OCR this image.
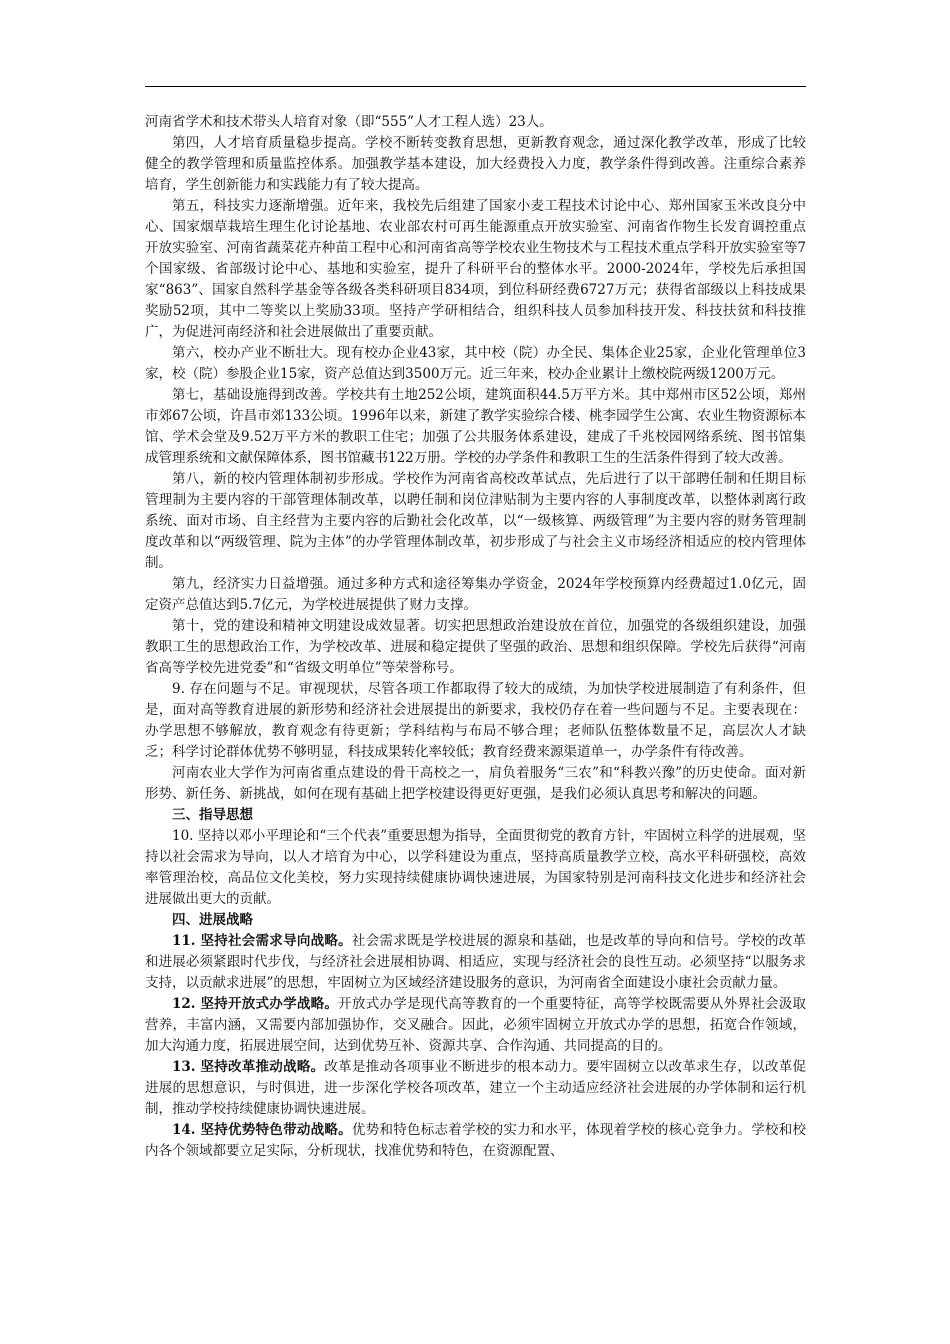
河南省学术和技术带头人培育对象（即“555”人才工程人选）23人。

第四，人才培育质量稳步提高。学校不断转变教育思想，更新教育观念，通过深化教学改革，形成了比较健全的教学管理和质量监控体系。加强教学基本建设，加大经费投入力度，教学条件得到改善。注重综合素养培育，学生创新能力和实践能力有了较大提高。

第五，科技实力逐渐增强。近年来，我校先后组建了国家小麦工程技术讨论中心、郑州国家玉米改良分中心、国家烟草栽培生理生化讨论基地、农业部农村可再生能源重点开放实验室、河南省作物生长发育调控重点开放实验室、河南省蔬菜花卉种苗工程中心和河南省高等学校农业生物技术与工程技术重点学科开放实验室等7个国家级、省部级讨论中心、基地和实验室，提升了科研平台的整体水平。2000-2024年，学校先后承担国家“863”、国家自然科学基金等各级各类科研项目834项，到位科研经费6727万元；获得省部级以上科技成果奖励52项，其中二等奖以上奖励33项。坚持产学研相结合，组织科技人员参加科技开发、科技扶贫和科技推广，为促进河南经济和社会进展做出了重要贡献。

第六，校办产业不断壮大。现有校办企业43家，其中校（院）办全民、集体企业25家，企业化管理单位3家，校（院）参股企业15家，资产总值达到3500万元。近三年来，校办企业累计上缴校院两级1200万元。

第七，基础设施得到改善。学校共有土地252公顷，建筑面积44.5万平方米。其中郑州市区52公顷，郑州市郊67公顷，许昌市郊133公顷。1996年以来，新建了教学实验综合楼、桃李园学生公寓、农业生物资源标本馆、学术会堂及9.52万平方米的教职工住宅；加强了公共服务体系建设，建成了千兆校园网络系统、图书馆集成管理系统和文献保障体系，图书馆藏书122万册。学校的办学条件和教职工生的生活条件得到了较大改善。

第八，新的校内管理体制初步形成。学校作为河南省高校改革试点，先后进行了以干部聘任制和任期目标管理制为主要内容的干部管理体制改革，以聘任制和岗位津贴制为主要内容的人事制度改革，以整体剥离行政系统、面对市场、自主经营为主要内容的后勤社会化改革，以“一级核算、两级管理”为主要内容的财务管理制度改革和以“两级管理、院为主体”的办学管理体制改革，初步形成了与社会主义市场经济相适应的校内管理体制。

第九，经济实力日益增强。通过多种方式和途径筹集办学资金，2024年学校预算内经费超过1.0亿元，固定资产总值达到5.7亿元，为学校进展提供了财力支撑。

第十，党的建设和精神文明建设成效显著。切实把思想政治建设放在首位，加强党的各级组织建设，加强教职工生的思想政治工作，为学校改革、进展和稳定提供了坚强的政治、思想和组织保障。学校先后获得“河南省高等学校先进党委”和“省级文明单位”等荣誉称号。

9. 存在问题与不足。审视现状，尽管各项工作都取得了较大的成绩，为加快学校进展制造了有利条件，但是，面对高等教育进展的新形势和经济社会进展提出的新要求，我校仍存在着一些问题与不足。主要表现在：办学思想不够解放，教育观念有待更新；学科结构与布局不够合理；老师队伍整体数量不足，高层次人才缺乏；科学讨论群体优势不够明显，科技成果转化率较低；教育经费来源渠道单一，办学条件有待改善。

河南农业大学作为河南省重点建设的骨干高校之一，肩负着服务“三农”和“科教兴豫”的历史使命。面对新形势、新任务、新挑战，如何在现有基础上把学校建设得更好更强，是我们必须认真思考和解决的问题。

三、指导思想

10. 坚持以邓小平理论和“三个代表”重要思想为指导，全面贯彻党的教育方针，牢固树立科学的进展观，坚持以社会需求为导向，以人才培育为中心，以学科建设为重点，坚持高质量教学立校，高水平科研强校，高效率管理治校，高品位文化美校，努力实现持续健康协调快速进展，为国家特别是河南科技文化进步和经济社会进展做出更大的贡献。

四、进展战略

11. 坚持社会需求导向战略。社会需求既是学校进展的源泉和基础，也是改革的导向和信号。学校的改革和进展必须紧跟时代步伐，与经济社会进展相协调、相适应，实现与经济社会的良性互动。必须坚持“以服务求支持，以贡献求进展”的思想，牢固树立为区域经济建设服务的意识，为河南省全面建设小康社会贡献力量。

12. 坚持开放式办学战略。开放式办学是现代高等教育的一个重要特征，高等学校既需要从外界社会汲取营养，丰富内涵，又需要内部加强协作，交叉融合。因此，必须牢固树立开放式办学的思想，拓宽合作领域，加大沟通力度，拓展进展空间，达到优势互补、资源共享、合作沟通、共同提高的目的。

13. 坚持改革推动战略。改革是推动各项事业不断进步的根本动力。要牢固树立以改革求生存，以改革促进展的思想意识，与时俱进，进一步深化学校各项改革，建立一个主动适应经济社会进展的办学体制和运行机制，推动学校持续健康协调快速进展。

14. 坚持优势特色带动战略。优势和特色标志着学校的实力和水平，体现着学校的核心竞争力。学校和校内各个领域都要立足实际，分析现状，找准优势和特色，在资源配置、
